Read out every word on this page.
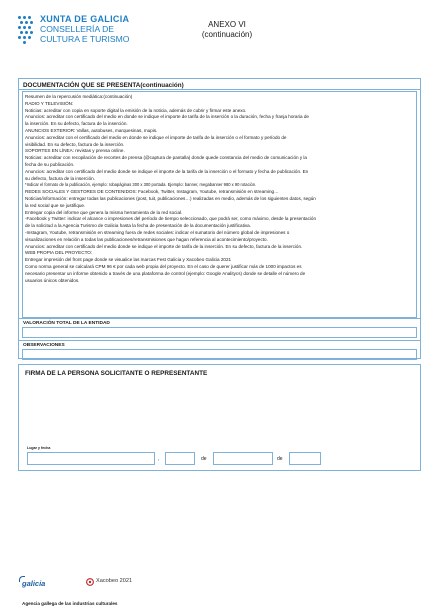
XUNTA DE GALICIA
CONSELLERÍA DE
CULTURA E TURISMO
ANEXO VI
(continuación)
DOCUMENTACIÓN QUE SE PRESENTA(continuación)
Resumen de la repercusión mediática:(continuación)
RADIO Y TELEVISIÓN:
Noticias: acreditar con copia en soporte digital la emisión de la noticia, además de cubrir y firmar este anexo.
Anuncios: acreditar con certificado del medio en donde se indique el importe de tarifa de la inserción o la duración, fecha y franja horaria de
la inserción. En su defecto, factura de la inserción.
ANUNCIOS EXTERIOR: Vallas, autobuses, marquesinas, mupis.
Anuncios: acreditar con el certificado del medio en donde se indique el importe de tarifa de la inserción o el formato y período de
visibilidad. En su defecto, factura de la inserción.
SOPORTES EN LÍNEA: revistas y prensa online.
Noticias: acreditar con recopilación de recortes de prensa (@captura de pantalla) donde quede constancia del medio de comunicación y la
fecha de su publicación.
Anuncios: acreditar con certificado del medio donde se indique el importe de la tarifa de la inserción o el formato y fecha de publicación. En
su defecto, factura de la inserción.
*Indicar el formato de la publicación, ejemplo: robapáginas 300 x 300 portada. Ejemplo: banner, megabanner 980 x 90 rotación.
REDES SOCIALES Y GESTORES DE CONTENIDOS: Facebook, Twitter, Instagram, Youtube, retransmisión en streaming…
Noticias/información: entregar todas las publicaciones (post, tuit, publicaciones…) realizadas en medio, además de los siguientes datos, según
la red social que se justifique.
Entregar copia del informe que genera la misma herramienta de la red social.
-Facebook y Twitter: indicar el alcance o impresiones del período de tiempo seleccionado, que podrá ser, como máximo, desde la presentación
de la solicitud a la Agencia Turismo de Galicia hasta la fecha de presentación de la documentación justificativa.
-Instagram, Youtube, retransmisión en streaming fuera de redes sociales: indicar el sumatorio del número global de impresiones o
visualizaciones en relación a todas las publicaciones/retransmisiones que hagan referencia al acontecimiento/proyecto.
Anuncios: acreditar con certificado del medio donde se indique el importe de tarifa de la inserción. En su defecto, factura de la inserción.
WEB PROPIA DEL PROYECTO:
Entregar impresión del front page donde se visualice las marcas Fest Galicia y Xacobeo Galicia 2021
Como norma general se calculará CPM 96 € por cada web propia del proyecto. En el caso de querer justificar más de 1000 impactos es
necesario presentar un informe obtenido a través de una plataforma de control (ejemplo: Google Analitycs) donde se detalle el número de
usuarios únicos obtenidos.
VALORACIÓN TOTAL DE LA ENTIDAD
OBSERVACIONES
FIRMA DE LA PERSONA SOLICITANTE O REPRESENTANTE
Lugar y fecha
,	de	de
galicia	Xacobeo 2021
Agencia gallega de las industrias culturales
